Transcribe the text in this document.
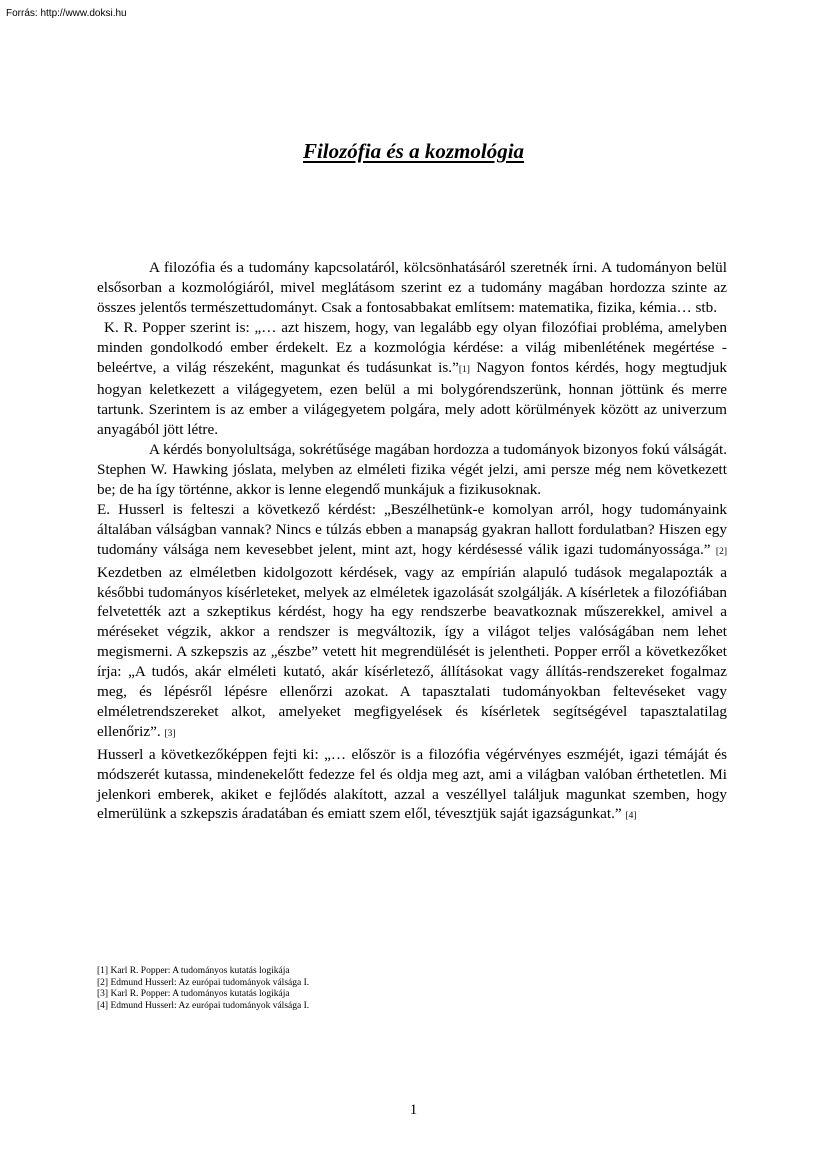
Forrás: http://www.doksi.hu
Filozófia és a kozmológia

A filozófia és a tudomány kapcsolatáról, kölcsönhatásáról szeretnék írni. A tudományon belül elsősorban a kozmológiáról, mivel meglátásom szerint ez a tudomány magában hordozza szinte az összes jelentős természettudományt. Csak a fontosabbakat említsem: matematika, fizika, kémia… stb.

K. R. Popper szerint is: „… azt hiszem, hogy, van legalább egy olyan filozófiai probléma, amelyben minden gondolkodó ember érdekelt. Ez a kozmológia kérdése: a világ mibenlétének megértése - beleértve, a világ részeként, magunkat és tudásunkat is.”[1] Nagyon fontos kérdés, hogy megtudjuk hogyan keletkezett a világegyetem, ezen belül a mi bolygórendszerünk, honnan jöttünk és merre tartunk. Szerintem is az ember a világegyetem polgára, mely adott körülmények között az univerzum anyagából jött létre.

A kérdés bonyolultsága, sokrétűsége magában hordozza a tudományok bizonyos fokú válságát. Stephen W. Hawking jóslata, melyben az elméleti fizika végét jelzi, ami persze még nem következett be; de ha így történne, akkor is lenne elegendő munkájuk a fizikusoknak.

E. Husserl is felteszi a következő kérdést: „Beszélhetünk-e komolyan arról, hogy tudományaink általában válságban vannak? Nincs e túlzás ebben a manapság gyakran hallott fordulatban? Hiszen egy tudomány válsága nem kevesebbet jelent, mint azt, hogy kérdésessé válik igazi tudományossága.” [2] Kezdetben az elméletben kidolgozott kérdések, vagy az empírián alapuló tudások megalapozták a későbbi tudományos kísérleteket, melyek az elméletek igazolását szolgálják. A kísérletek a filozófiában felvetették azt a szkeptikus kérdést, hogy ha egy rendszerbe beavatkoznak műszerekkel, amivel a méréseket végzik, akkor a rendszer is megváltozik, így a világot teljes valóságában nem lehet megismerni. A szkepszis az „észbe” vetett hit megrendülését is jelentheti. Popper erről a következőket írja: „A tudós, akár elméleti kutató, akár kísérletező, állításokat vagy állítás-rendszereket fogalmaz meg, és lépésről lépésre ellenőrzi azokat. A tapasztalati tudományokban feltevéseket vagy elméletrendszereket alkot, amelyeket megfigyelések és kísérletek segítségével tapasztalatilag ellenőriz”. [3]

Husserl a következőképpen fejti ki: „… először is a filozófia végérvényes eszméjét, igazi témáját és módszerét kutassa, mindenekelőtt fedezze fel és oldja meg azt, ami a világban valóban érthetetlen. Mi jelenkori emberek, akiket e fejlődés alakított, azzal a veszéllyel találjuk magunkat szemben, hogy elmerülünk a szkepszis áradatában és emiatt szem elől, tévesztjük saját igazságunkat.” [4]

[1] Karl R. Popper: A tudományos kutatás logikája
[2] Edmund Husserl: Az európai tudományok válsága I.
[3] Karl R. Popper: A tudományos kutatás logikája
[4] Edmund Husserl: Az európai tudományok válsága I.
1
